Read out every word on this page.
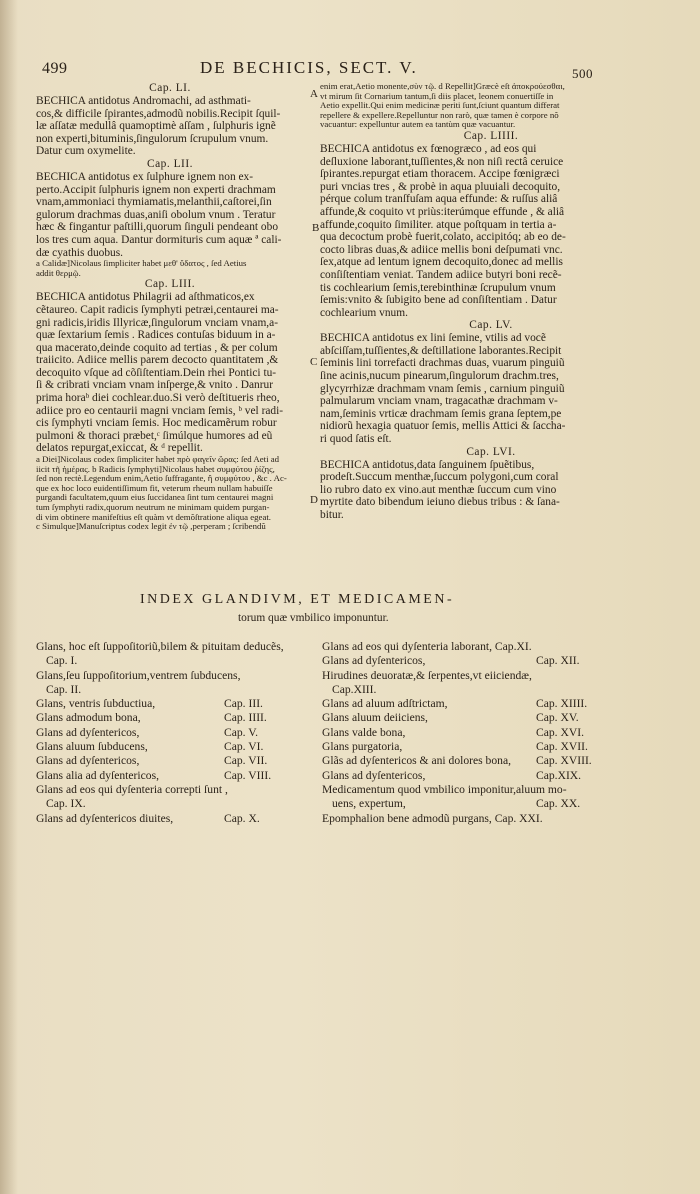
499	DE BECHICIS, SECT. V.	500
Cap. LI.
BECHICA antidotus Andromachi, ad asthmati-
cos,& difficile ſpirantes,admodũ nobilis.Recipit ſquil-
læ aſſatæ medullâ quamoptimè aſſam , ſulphuris ignẽ
non experti,bituminis,ſingulorum ſcrupulum vnum.
Datur cum oxymelite.
Cap. LII.
BECHICA antidotus ex ſulphure ignem non ex-
perto.Accipit ſulphuris ignem non experti drachmam
vnam,ammoniaci thymiamatis,melanthii,caſtorei,ſin
gulorum drachmas duas,aniſi obolum vnum . Teratur
hæc & fingantur paſtilli,quorum ſinguli pendeant obo
los tres cum aqua. Dantur dormituris cum aquæ ª cali-
dæ cyathis duobus.
a Calidæ]Nicolaus ſimpliciter habet μεθ' ὕδατος , ſed Aetius
addit θερμῷ.
Cap. LIII.
BECHICA antidotus Philagrii ad aſthmaticos,ex
cẽtaureo. Capit radicis ſymphyti petræi,centaurei ma-
gni radicis,iridis Illyricæ,ſingulorum vnciam vnam,a-
quæ ſextarium ſemis . Radices contuſas biduum in a-
qua macerato,deinde coquito ad tertias , & per colum
traiicito. Adiice mellis parem decocto quantitatem ,&
decoquito vſque ad cõſiſtentiam.Dein rhei Pontici tu-
ſi & cribrati vnciam vnam inſperge,& vnito . Danrur
prima horaᵇ diei cochlear.duo.Si verò deſtitueris rheo,
adiice pro eo centaurii magni vnciam ſemis, ᵇ vel radi-
cis ſymphyti vnciam ſemis. Hoc medicamẽrum robur
pulmoni & thoraci præbet,ᶜ ſimúlque humores ad eũ
delatos repurgat,exiccat, & ᵈ repellit.
a Diei]Nicolaus codex ſimpliciter habet πρὸ φαγεῖν ὥρας: ſed Aeti ad
iicit τῆ ἡμέρας. b Radicis ſymphyti]Nicolaus habet συμφύτου ῥίζης,
ſed non rectè.Legendum enim,Aetio ſuffragante, ἢ συμφύτου , &c . Ac-
que ex hoc loco euidentiſſimum fit, veterum rheum nullam habuiſſe
purgandi facultatem,quum eius ſuccidanea ſint tum centaurei magni
tum ſymphyti radix,quorum neutrum ne minimam quidem purgan-
di vim obtinere manifeſtius eſt quàm vt demõſtratione aliqua egeat.
c Simulque]Manuſcriptus codex legit ἐν τῷ ,perperam ; ſcribendũ
enim erat,Aetio monente,σὺν τῷ. d Repellit]Græcè eſt ἀποκρούεσθαι,
vt mirum ſit Cornarium tantum,ſi diis placet, leonem conuertiſſe in
Aetio expellit.Qui enim medicinæ periti ſunt,ſciunt quantum differat
repellere & expellere.Repelluntur non rarò, quæ tamen è corpore nõ
vacuantur: expelluntur autem ea tantùm quæ vacuantur.
Cap. LIIII.
BECHICA antidotus ex fœnogræco , ad eos qui
deſluxione laborant,tuſſientes,& non niſi rectâ ceruice
ſpirantes.repurgat etiam thoracem. Accipe fœnigræci
puri vncias tres , & probè in aqua pluuiali decoquito,
pérque colum tranſfuſam aqua effunde: & ruſſus aliâ
affunde,& coquito vt priùs:iterúmque effunde , & aliâ
affunde,coquito ſimiliter. atque poſtquam in tertia a-
qua decoctum probè fuerit,colato, accipitóq; ab eo de-
cocto libras duas,& adiice mellis boni deſpumati vnc.
ſex,atque ad lentum ignem decoquito,donec ad mellis
conſiſtentiam veniat. Tandem adiice butyri boni recẽ-
tis cochlearium ſemis,terebinthinæ ſcrupulum vnum
ſemis:vnito & ſubigito bene ad conſiſtentiam . Datur
cochlearium vnum.
Cap. LV.
BECHICA antidotus ex lini ſemine, vtilis ad vocẽ
abſciſſam,tuſſientes,& deſtillatione laborantes.Recipit
ſeminis lini torrefacti drachmas duas, vuarum pinguiũ
ſine acinis,nucum pinearum,ſingulorum drachm.tres,
glycyrrhizæ drachmam vnam ſemis , carnium pinguiũ
palmularum vnciam vnam, tragacathæ drachmam v-
nam,ſeminis vrticæ drachmam ſemis grana ſeptem,pe
nidiorũ hexagia quatuor ſemis, mellis Attici & ſaccha-
ri quod ſatis eſt.
Cap. LVI.
BECHICA antidotus,data ſanguinem ſpuẽtibus,
prodeſt.Succum menthæ,ſuccum polygoni,cum coral
lio rubro dato ex vino.aut menthæ ſuccum cum vino
myrtite dato bibendum ieiuno diebus tribus : & ſana-
bitur.
A
B
C
D
INDEX GLANDIVM, ET MEDICAMEN-
torum quæ vmbilico imponuntur.
Glans, hoc eſt ſuppoſitoriũ,bilem & pituitam deducẽs,
Cap. I.
Glans,ſeu ſuppoſitorium,ventrem ſubducens,
Cap. II.
Glans, ventris ſubductiua,	Cap. III.
Glans admodum bona,	Cap. IIII.
Glans ad dyſentericos,	Cap. V.
Glans aluum ſubducens,	Cap. VI.
Glans ad dyſentericos,	Cap. VII.
Glans alia ad dyſentericos,	Cap. VIII.
Glans ad eos qui dyſenteria correpti ſunt ,
Cap. IX.
Glans ad dyſentericos diuites,	Cap. X.
Glans ad eos qui dyſenteria laborant, Cap.XI.
Glans ad dyſentericos,	Cap. XII.
Hirudines deuoratæ,& ſerpentes,vt eiiciendæ,
Cap.XIII.
Glans ad aluum adſtrictam,	Cap. XIIII.
Glans aluum deiiciens,	Cap. XV.
Glans valde bona,	Cap. XVI.
Glans purgatoria,	Cap. XVII.
Glãs ad dyſentericos & ani dolores bona, Cap. XVIII.
Glans ad dyſentericos,	Cap.XIX.
Medicamentum quod vmbilico imponitur,aluum mo-
uens, expertum,	Cap. XX.
Epomphalion bene admodũ purgans, Cap. XXI.
